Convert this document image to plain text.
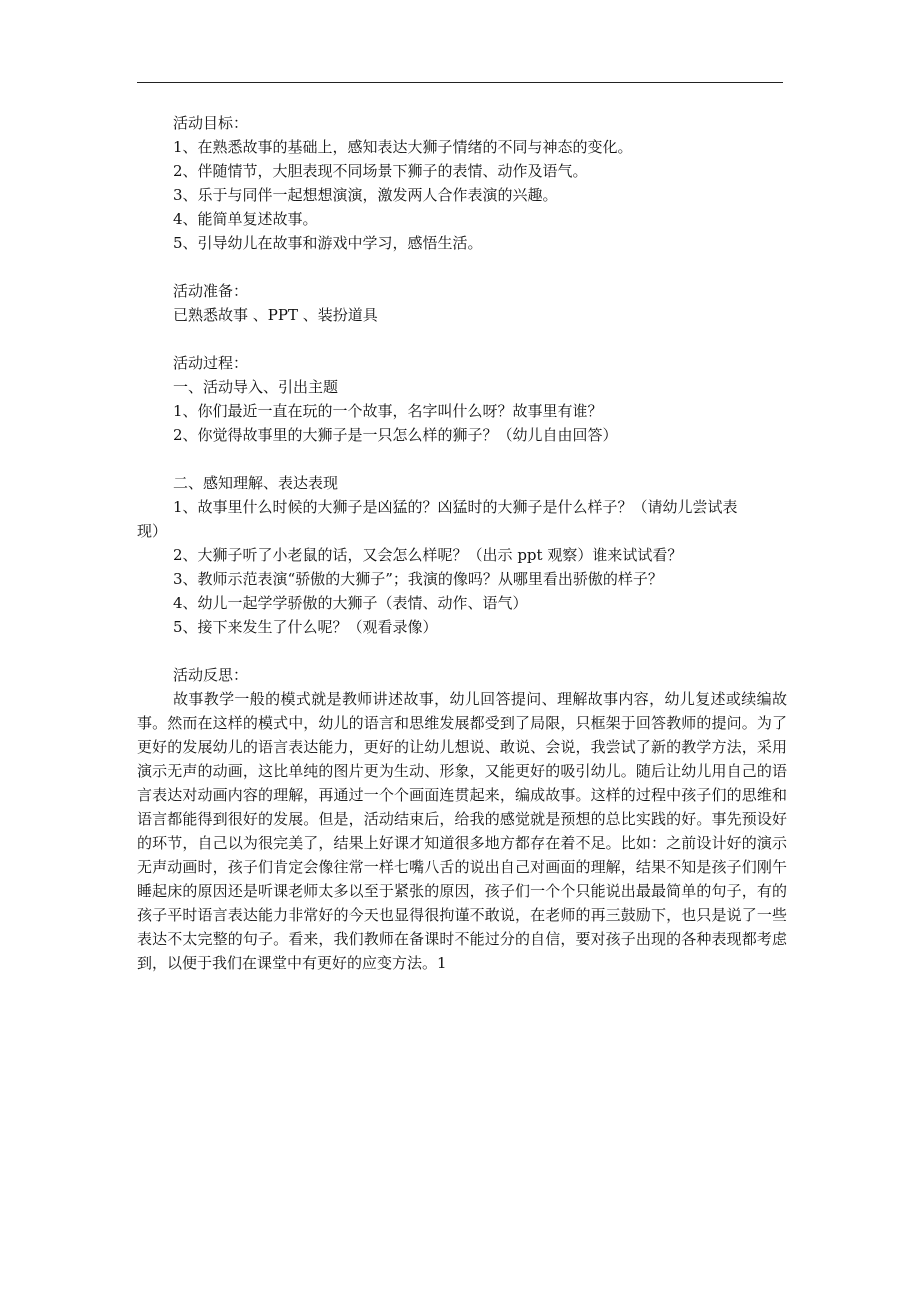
活动目标：
1、在熟悉故事的基础上，感知表达大狮子情绪的不同与神态的变化。
2、伴随情节，大胆表现不同场景下狮子的表情、动作及语气。
3、乐于与同伴一起想想演演，激发两人合作表演的兴趣。
4、能简单复述故事。
5、引导幼儿在故事和游戏中学习，感悟生活。
活动准备：
已熟悉故事 、PPT 、装扮道具
活动过程：
一、活动导入、引出主题
1、你们最近一直在玩的一个故事，名字叫什么呀？故事里有谁？
2、你觉得故事里的大狮子是一只怎么样的狮子？（幼儿自由回答）
二、感知理解、表达表现
1、故事里什么时候的大狮子是凶猛的？凶猛时的大狮子是什么样子？（请幼儿尝试表
现）
2、大狮子听了小老鼠的话，又会怎么样呢？（出示 ppt 观察）谁来试试看？
3、教师示范表演“骄傲的大狮子”；我演的像吗？从哪里看出骄傲的样子？
4、幼儿一起学学骄傲的大狮子（表情、动作、语气）
5、接下来发生了什么呢？（观看录像）
活动反思：
故事教学一般的模式就是教师讲述故事，幼儿回答提问、理解故事内容，幼儿复述或续编故事。然而在这样的模式中，幼儿的语言和思维发展都受到了局限，只框架于回答教师的提问。为了更好的发展幼儿的语言表达能力，更好的让幼儿想说、敢说、会说，我尝试了新的教学方法，采用演示无声的动画，这比单纯的图片更为生动、形象，又能更好的吸引幼儿。随后让幼儿用自己的语言表达对动画内容的理解，再通过一个个画面连贯起来，编成故事。这样的过程中孩子们的思维和语言都能得到很好的发展。但是，活动结束后，给我的感觉就是预想的总比实践的好。事先预设好的环节，自己以为很完美了，结果上好课才知道很多地方都存在着不足。比如：之前设计好的演示无声动画时，孩子们肯定会像往常一样七嘴八舌的说出自己对画面的理解，结果不知是孩子们刚午睡起床的原因还是听课老师太多以至于紧张的原因，孩子们一个个只能说出最最简单的句子，有的孩子平时语言表达能力非常好的今天也显得很拘谨不敢说，在老师的再三鼓励下，也只是说了一些表达不太完整的句子。看来，我们教师在备课时不能过分的自信，要对孩子出现的各种表现都考虑到，以便于我们在课堂中有更好的应变方法。1
